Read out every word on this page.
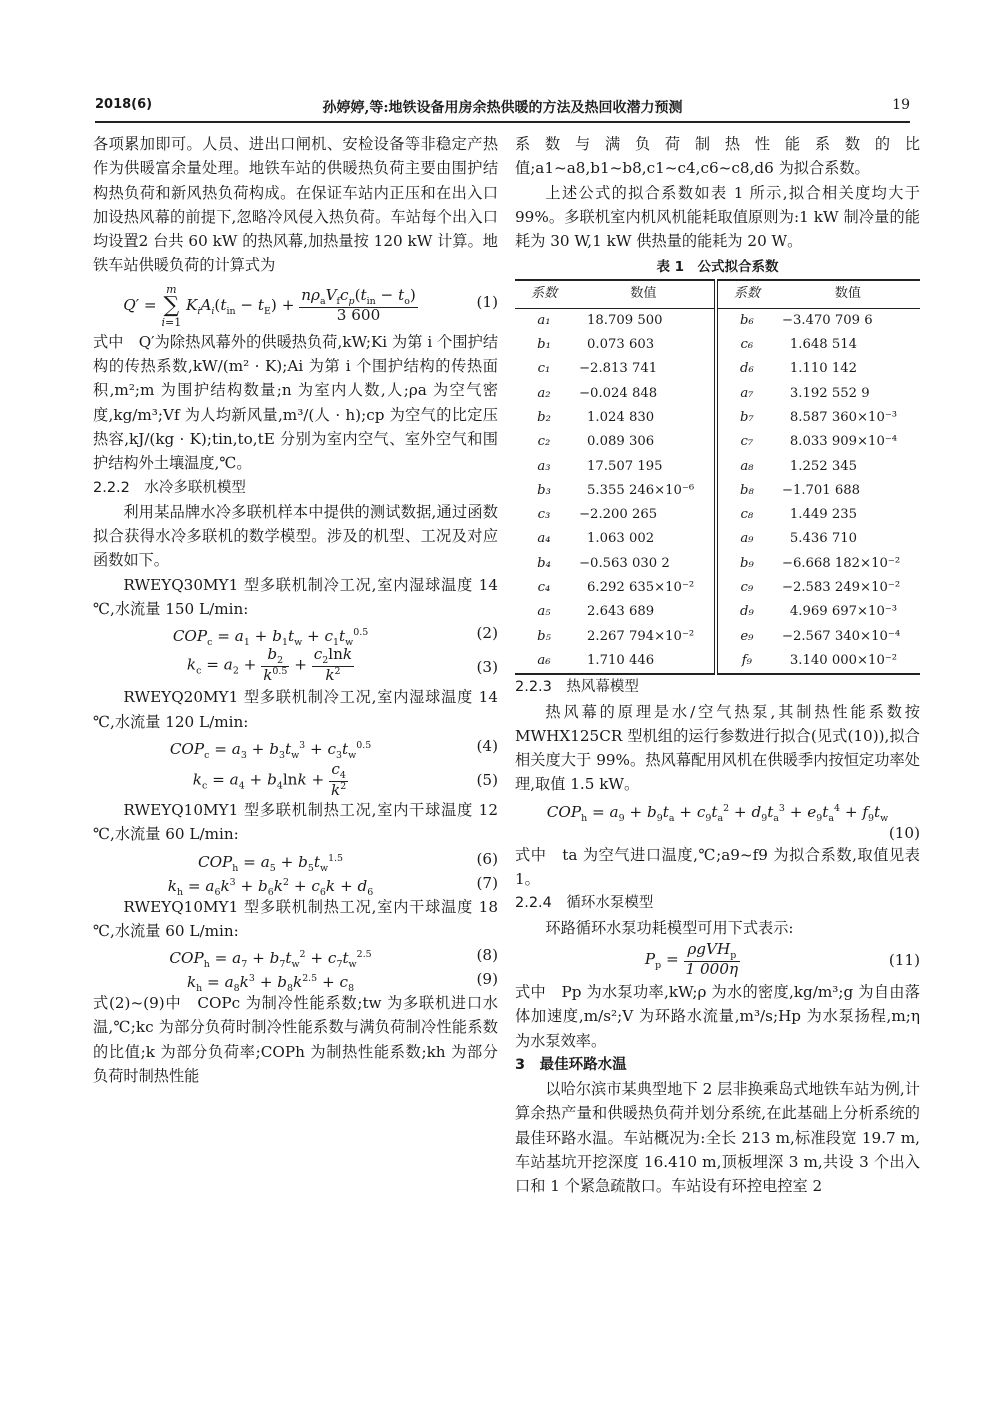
2018(6)	孙婷婷,等:地铁设备用房余热供暖的方法及热回收潜力预测	19

各项累加即可。人员、进出口闸机、安检设备等非稳定产热作为供暖富余量处理。地铁车站的供暖热负荷主要由围护结构热负荷和新风热负荷构成。在保证车站内正压和在出入口加设热风幕的前提下,忽略冷风侵入热负荷。车站每个出入口均设置2 台共 60 kW 的热风幕,加热量按 120 kW 计算。地铁车站供暖负荷的计算式为

Q′ =
m
∑
i=1
$K_iA_i(t_{in} - t_E) + \frac{n\rho_aV_fc_p(t_{in} - t_o)}{3 600}$	(1)

式中　 Q′为除热风幕外的供暖热负荷,kW;Ki 为第 i 个围护结构的传热系数,kW/(m² · K);Ai 为第 i 个围护结构的传热面积,m²;m 为围护结构数量;n 为室内人数,人;ρa 为空气密度,kg/m³;Vf 为人均新风量,m³/(人 · h);cp 为空气的比定压热容,kJ/(kg · K);tin,to,tE 分别为室内空气、室外空气和围护结构外土壤温度,℃。

2.2.2　水冷多联机模型

利用某品牌水冷多联机样本中提供的测试数据,通过函数拟合获得水冷多联机的数学模型。涉及的机型、工况及对应函数如下。

RWEYQ30MY1 型多联机制冷工况,室内湿球温度 14 ℃,水流量 150 L/min:

$COP_c = a_1 + b_1t_w + c_1t_w^{0.5}$	(2)
$k_c = a_2 + \frac{b_2}{k^{0.5}} + \frac{c_2\ln k}{k^2}$	(3)

RWEYQ20MY1 型多联机制冷工况,室内湿球温度 14 ℃,水流量 120 L/min:

$COP_c = a_3 + b_3t_w^3 + c_3t_w^{0.5}$	(4)
$k_c = a_4 + b_4\ln k + \frac{c_4}{k^2}$	(5)

RWEYQ10MY1 型多联机制热工况,室内干球温度 12 ℃,水流量 60 L/min:

$COP_h = a_5 + b_5t_w^{1.5}$	(6)
$k_h = a_6k^3 + b_6k^2 + c_6k + d_6$
(7)

RWEYQ10MY1 型多联机制热工况,室内干球温度 18 ℃,水流量 60 L/min:

$COP_h = a_7 + b_7t_w^2 + c_7t_w^{2.5}$	(8)
$k_h = a_8k^3 + b_8k^{2.5} + c_8$
(9)

式(2)~(9)中　COPc 为制冷性能系数;tw 为多联机进口水温,℃;kc 为部分负荷时制冷性能系数与满负荷制冷性能系数的比值;k 为部分负荷率;COPh 为制热性能系数;kh 为部分负荷时制热性能

系数与满负荷制热性能系数的比值;a1~a8,b1~b8,c1~c4,c6~c8,d6 为拟合系数。

上述公式的拟合系数如表 1 所示,拟合相关度均大于 99%。多联机室内机风机能耗取值原则为:1 kW 制冷量的能耗为 30 W,1 kW 供热量的能耗为 20 W。

表 1　公式拟合系数
系数	数值	系数	数值
a₁	18.709 500	b₆	−3.470 709 6
b₁	0.073 603	c₆	1.648 514
c₁	−2.813 741	d₆	1.110 142
a₂	−0.024 848	a₇	3.192 552 9
b₂	1.024 830	b₇	8.587 360×10⁻³
c₂	0.089 306	c₇	8.033 909×10⁻⁴
a₃	17.507 195	a₈	1.252 345
b₃	5.355 246×10⁻⁶	b₈	−1.701 688
c₃	−2.200 265	c₈	1.449 235
a₄	1.063 002	a₉	5.436 710
b₄	−0.563 030 2	b₉	−6.668 182×10⁻²
c₄	6.292 635×10⁻²	c₉	−2.583 249×10⁻²
a₅	2.643 689	d₉	4.969 697×10⁻³
b₅	2.267 794×10⁻²	e₉	−2.567 340×10⁻⁴
a₆	1.710 446	f₉	3.140 000×10⁻²

2.2.3　热风幕模型

热风幕的原理是水/空气热泵,其制热性能系数按 MWHX125CR 型机组的运行参数进行拟合(见式(10)),拟合相关度大于 99%。热风幕配用风机在供暖季内按恒定功率处理,取值 1.5 kW。

$COP_h = a_9 + b_9t_a + c_9t_a^2 + d_9t_a^3 + e_9t_a^4 + f_9t_w$

(10)

式中　ta 为空气进口温度,℃;a9~f9 为拟合系数,取值见表 1。

2.2.4　循环水泵模型

环路循环水泵功耗模型可用下式表示:

$P_p = \frac{\rho gVH_p}{1 000\eta}$	(11)

式中　Pp 为水泵功率,kW;ρ 为水的密度,kg/m³;g 为自由落体加速度,m/s²;V 为环路水流量,m³/s;Hp 为水泵扬程,m;η 为水泵效率。

3　最佳环路水温

以哈尔滨市某典型地下 2 层非换乘岛式地铁车站为例,计算余热产量和供暖热负荷并划分系统,在此基础上分析系统的最佳环路水温。车站概况为:全长 213 m,标准段宽 19.7 m,车站基坑开挖深度 16.410 m,顶板埋深 3 m,共设 3 个出入口和 1 个紧急疏散口。车站设有环控电控室 2
